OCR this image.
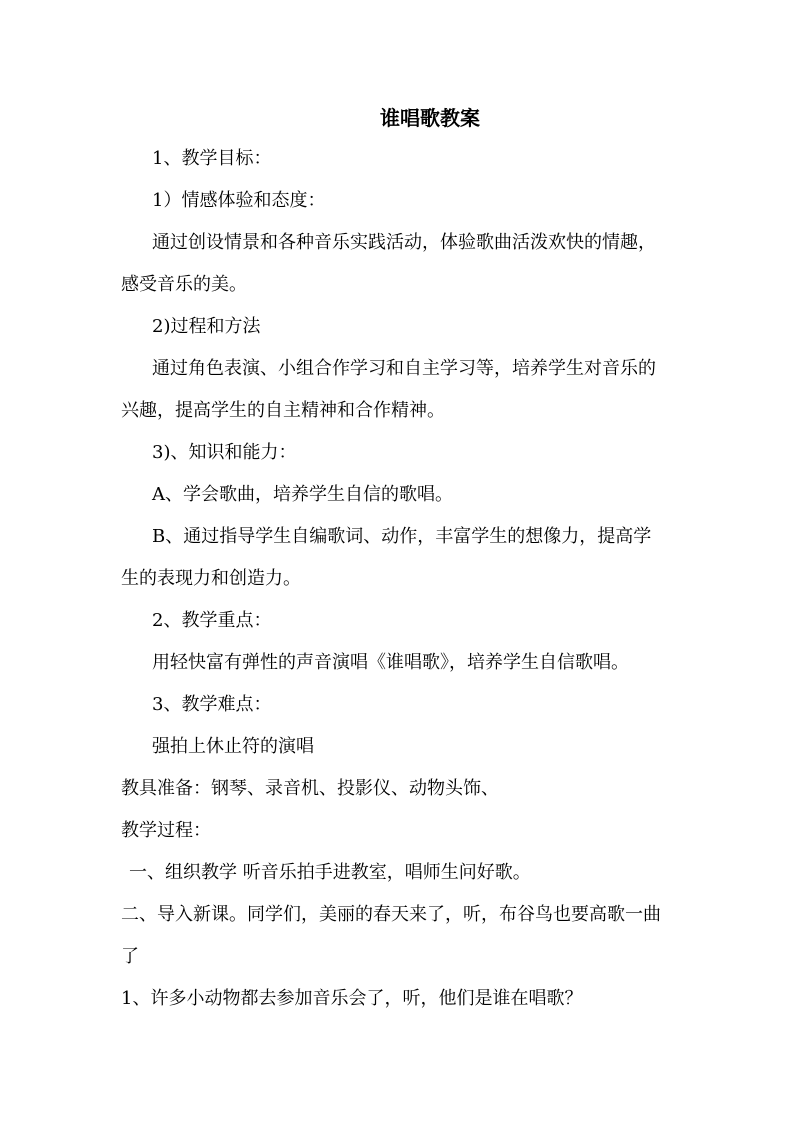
谁唱歌教案
1、教学目标：
1）情感体验和态度：
通过创设情景和各种音乐实践活动，体验歌曲活泼欢快的情趣，
感受音乐的美。
2)过程和方法
通过角色表演、小组合作学习和自主学习等，培养学生对音乐的
兴趣，提高学生的自主精神和合作精神。
3)、知识和能力：
A、学会歌曲，培养学生自信的歌唱。
B、通过指导学生自编歌词、动作，丰富学生的想像力，提高学
生的表现力和创造力。
2、教学重点：
用轻快富有弹性的声音演唱《谁唱歌》，培养学生自信歌唱。
3、教学难点：
强拍上休止符的演唱
教具准备：钢琴、录音机、投影仪、动物头饰、
教学过程：
一、组织教学 听音乐拍手进教室，唱师生问好歌。
二、导入新课。同学们，美丽的春天来了，听，布谷鸟也要高歌一曲
了
1、许多小动物都去参加音乐会了，听，他们是谁在唱歌？
